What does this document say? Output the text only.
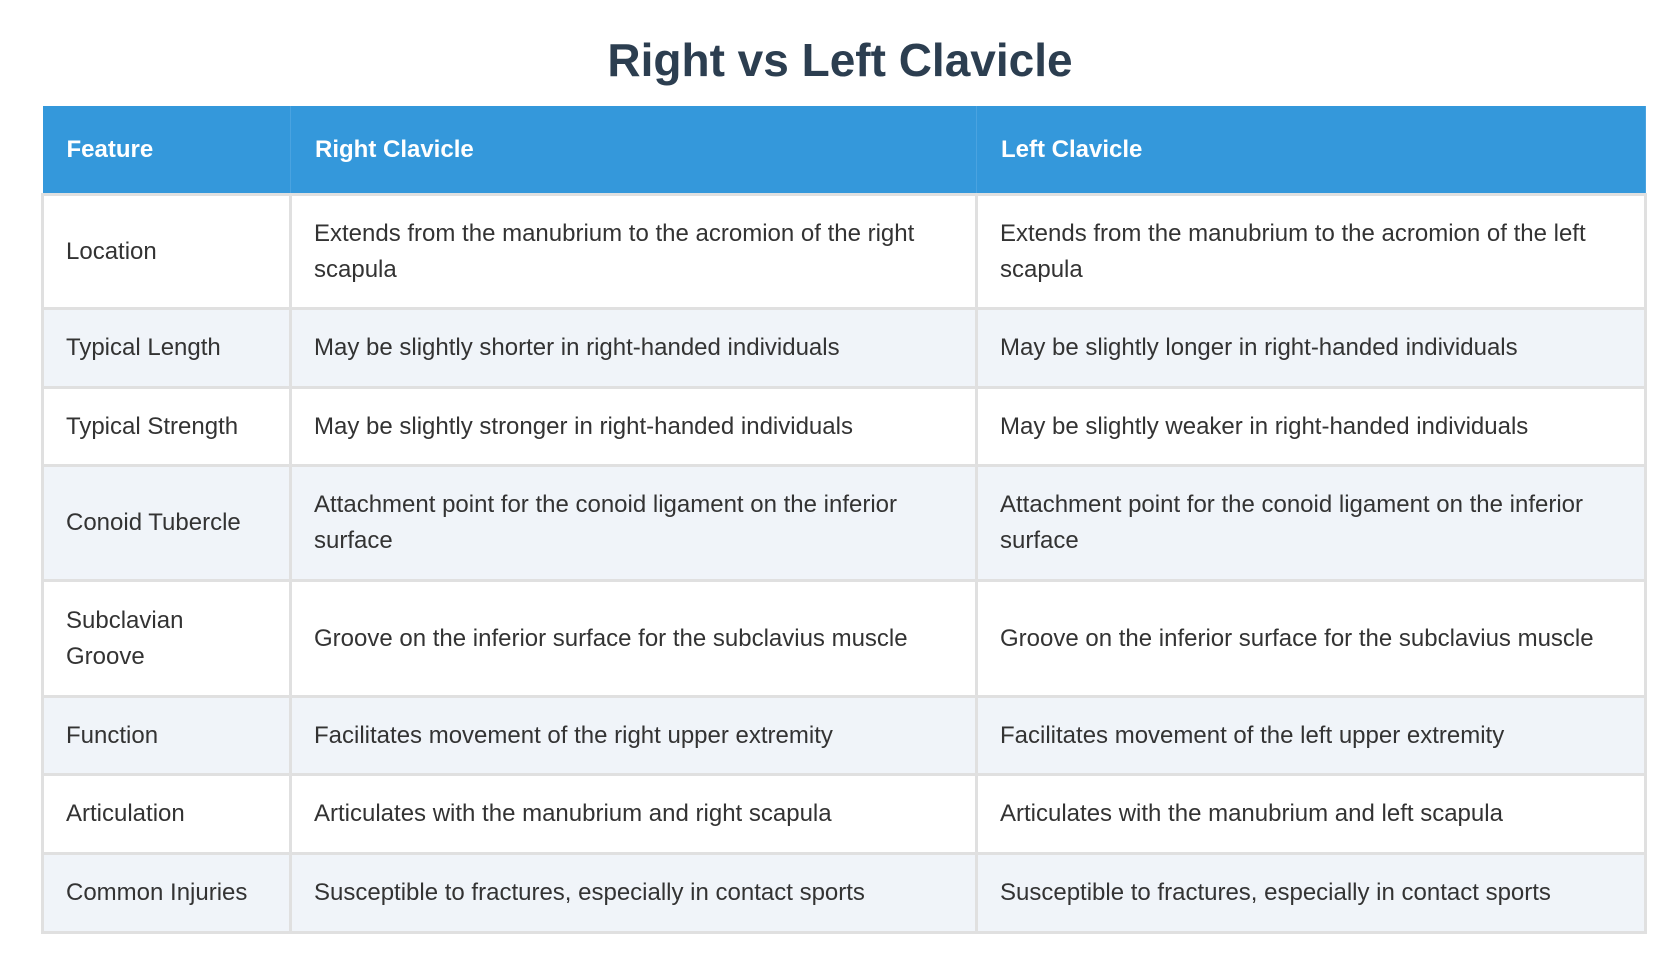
Right vs Left Clavicle
Feature	Right Clavicle	Left Clavicle
Location	Extends from the manubrium to the acromion of the right scapula	Extends from the manubrium to the acromion of the left scapula
Typical Length	May be slightly shorter in right-handed individuals	May be slightly longer in right-handed individuals
Typical Strength	May be slightly stronger in right-handed individuals	May be slightly weaker in right-handed individuals
Conoid Tubercle	Attachment point for the conoid ligament on the inferior surface	Attachment point for the conoid ligament on the inferior surface
Subclavian Groove	Groove on the inferior surface for the subclavius muscle	Groove on the inferior surface for the subclavius muscle
Function	Facilitates movement of the right upper extremity	Facilitates movement of the left upper extremity
Articulation	Articulates with the manubrium and right scapula	Articulates with the manubrium and left scapula
Common Injuries	Susceptible to fractures, especially in contact sports	Susceptible to fractures, especially in contact sports
